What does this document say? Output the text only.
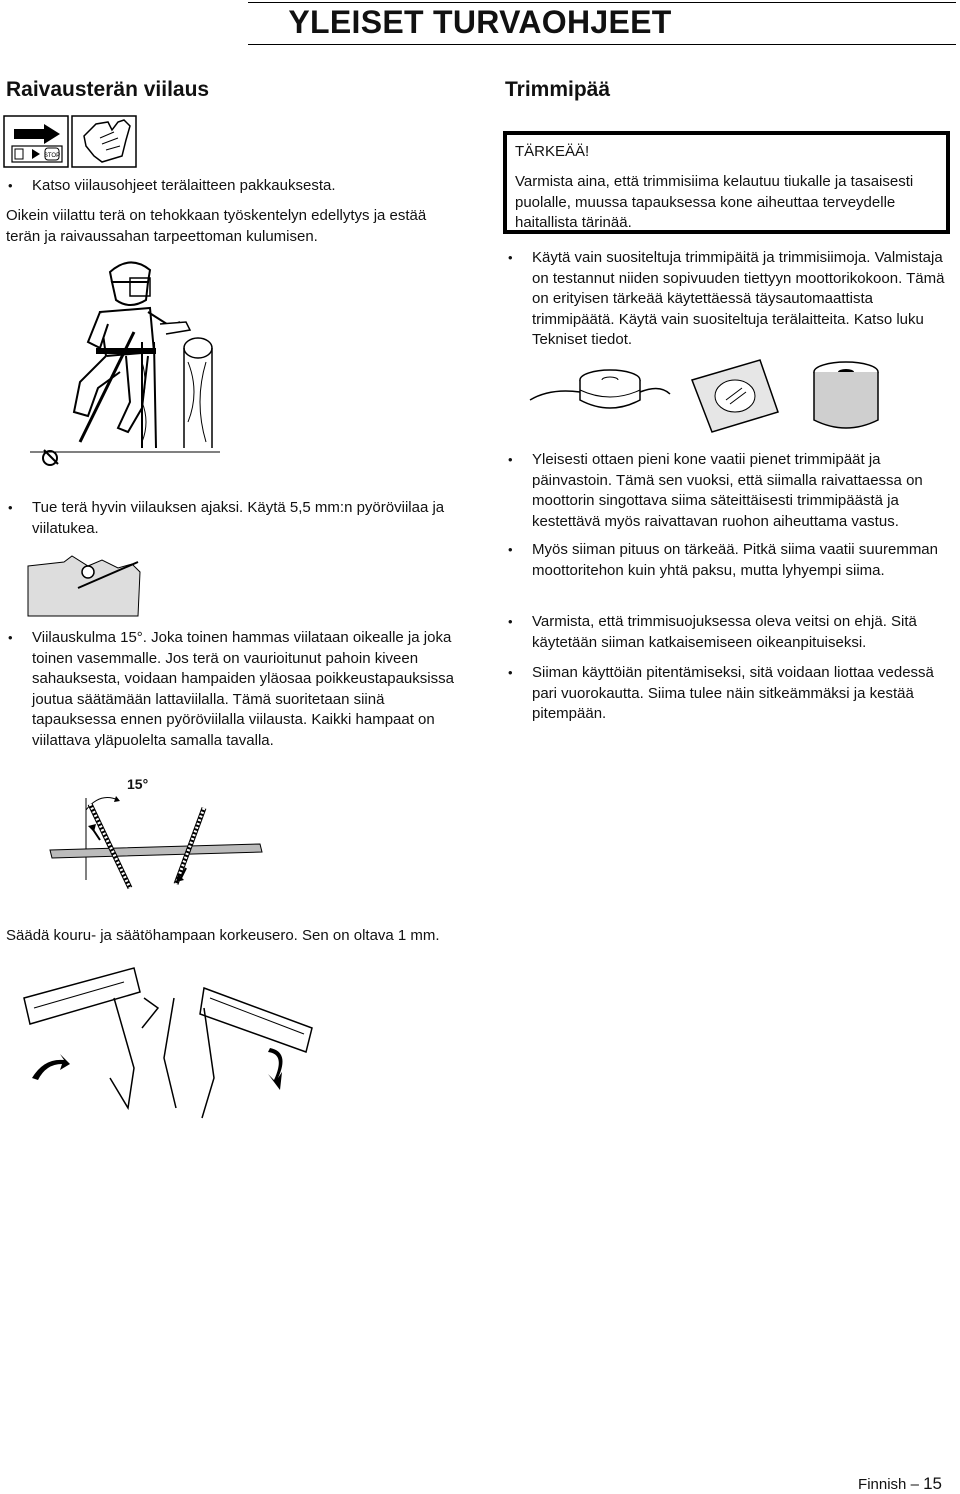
YLEISET TURVAOHJEET
Raivausterän viilaus
STOP
• Katso viilausohjeet terälaitteen pakkauksesta.

Oikein viilattu terä on tehokkaan työskentelyn edellytys ja estää terän ja raivaussahan tarpeettoman kulumisen.

• Tue terä hyvin viilauksen ajaksi. Käytä 5,5 mm:n pyöröviilaa ja viilatukea.
• Viilauskulma 15°. Joka toinen hammas viilataan oikealle ja joka toinen vasemmalle. Jos terä on vaurioitunut pahoin kiveen sahauksesta, voidaan hampaiden yläosaa poikkeustapauksissa joutua säätämään lattaviilalla. Tämä suoritetaan siinä tapauksessa ennen pyöröviilalla viilausta. Kaikki hampaat on viilattava yläpuolelta samalla tavalla.
15°

Säädä kouru- ja säätöhampaan korkeusero. Sen on oltava 1 mm.

Trimmipää
TÄRKEÄÄ!
Varmista aina, että trimmisiima kelautuu tiukalle ja tasaisesti puolalle, muussa tapauksessa kone aiheuttaa terveydelle haitallista tärinää.
• Käytä vain suositeltuja trimmipäitä ja trimmisiimoja. Valmistaja on testannut niiden sopivuuden tiettyyn moottorikokoon. Tämä on erityisen tärkeää käytettäessä täysautomaattista trimmipäätä. Käytä vain suositeltuja terälaitteita. Katso luku Tekniset tiedot.
• Yleisesti ottaen pieni kone vaatii pienet trimmipäät ja päinvastoin. Tämä sen vuoksi, että siimalla raivattaessa on moottorin singottava siima säteittäisesti trimmipäästä ja kestettävä myös raivattavan ruohon aiheuttama vastus.
• Myös siiman pituus on tärkeää. Pitkä siima vaatii suuremman moottoritehon kuin yhtä paksu, mutta lyhyempi siima.
• Varmista, että trimmisuojuksessa oleva veitsi on ehjä. Sitä käytetään siiman katkaisemiseen oikeanpituiseksi.
• Siiman käyttöiän pitentämiseksi, sitä voidaan liottaa vedessä pari vuorokautta. Siima tulee näin sitkeämmäksi ja kestää pitempään.
Finnish – 15
